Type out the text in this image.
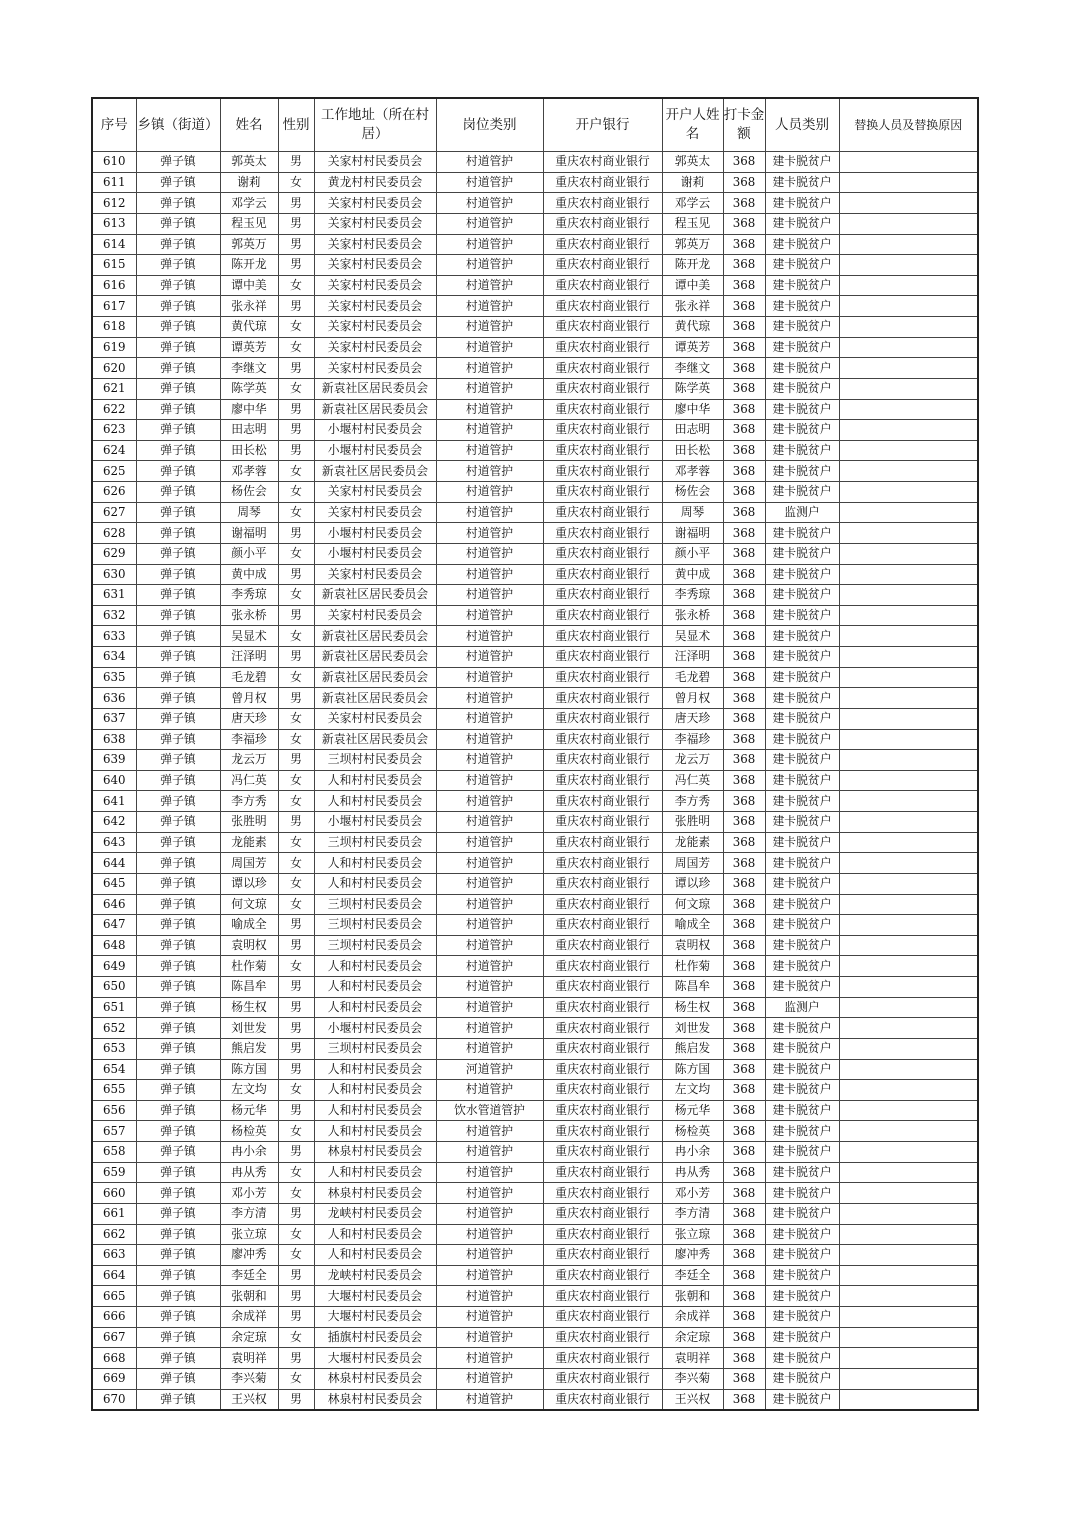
序号	乡镇（街道）	姓名	性别	工作地址（所在村居）	岗位类别	开户银行	开户人姓名	打卡金额	人员类别	替换人员及替换原因
610	弹子镇	郭英太	男	关家村村民委员会	村道管护	重庆农村商业银行	郭英太	368	建卡脱贫户	
611	弹子镇	谢莉	女	黄龙村村民委员会	村道管护	重庆农村商业银行	谢莉	368	建卡脱贫户	
612	弹子镇	邓学云	男	关家村村民委员会	村道管护	重庆农村商业银行	邓学云	368	建卡脱贫户	
613	弹子镇	程玉见	男	关家村村民委员会	村道管护	重庆农村商业银行	程玉见	368	建卡脱贫户	
614	弹子镇	郭英万	男	关家村村民委员会	村道管护	重庆农村商业银行	郭英万	368	建卡脱贫户	
615	弹子镇	陈开龙	男	关家村村民委员会	村道管护	重庆农村商业银行	陈开龙	368	建卡脱贫户	
616	弹子镇	谭中美	女	关家村村民委员会	村道管护	重庆农村商业银行	谭中美	368	建卡脱贫户	
617	弹子镇	张永祥	男	关家村村民委员会	村道管护	重庆农村商业银行	张永祥	368	建卡脱贫户	
618	弹子镇	黄代琼	女	关家村村民委员会	村道管护	重庆农村商业银行	黄代琼	368	建卡脱贫户	
619	弹子镇	谭英芳	女	关家村村民委员会	村道管护	重庆农村商业银行	谭英芳	368	建卡脱贫户	
620	弹子镇	李继文	男	关家村村民委员会	村道管护	重庆农村商业银行	李继文	368	建卡脱贫户	
621	弹子镇	陈学英	女	新袁社区居民委员会	村道管护	重庆农村商业银行	陈学英	368	建卡脱贫户	
622	弹子镇	廖中华	男	新袁社区居民委员会	村道管护	重庆农村商业银行	廖中华	368	建卡脱贫户	
623	弹子镇	田志明	男	小堰村村民委员会	村道管护	重庆农村商业银行	田志明	368	建卡脱贫户	
624	弹子镇	田长松	男	小堰村村民委员会	村道管护	重庆农村商业银行	田长松	368	建卡脱贫户	
625	弹子镇	邓孝蓉	女	新袁社区居民委员会	村道管护	重庆农村商业银行	邓孝蓉	368	建卡脱贫户	
626	弹子镇	杨佐会	女	关家村村民委员会	村道管护	重庆农村商业银行	杨佐会	368	建卡脱贫户	
627	弹子镇	周琴	女	关家村村民委员会	村道管护	重庆农村商业银行	周琴	368	监测户	
628	弹子镇	谢福明	男	小堰村村民委员会	村道管护	重庆农村商业银行	谢福明	368	建卡脱贫户	
629	弹子镇	颜小平	女	小堰村村民委员会	村道管护	重庆农村商业银行	颜小平	368	建卡脱贫户	
630	弹子镇	黄中成	男	关家村村民委员会	村道管护	重庆农村商业银行	黄中成	368	建卡脱贫户	
631	弹子镇	李秀琼	女	新袁社区居民委员会	村道管护	重庆农村商业银行	李秀琼	368	建卡脱贫户	
632	弹子镇	张永桥	男	关家村村民委员会	村道管护	重庆农村商业银行	张永桥	368	建卡脱贫户	
633	弹子镇	吴显术	女	新袁社区居民委员会	村道管护	重庆农村商业银行	吴显术	368	建卡脱贫户	
634	弹子镇	汪泽明	男	新袁社区居民委员会	村道管护	重庆农村商业银行	汪泽明	368	建卡脱贫户	
635	弹子镇	毛龙碧	女	新袁社区居民委员会	村道管护	重庆农村商业银行	毛龙碧	368	建卡脱贫户	
636	弹子镇	曾月权	男	新袁社区居民委员会	村道管护	重庆农村商业银行	曾月权	368	建卡脱贫户	
637	弹子镇	唐天珍	女	关家村村民委员会	村道管护	重庆农村商业银行	唐天珍	368	建卡脱贫户	
638	弹子镇	李福珍	女	新袁社区居民委员会	村道管护	重庆农村商业银行	李福珍	368	建卡脱贫户	
639	弹子镇	龙云万	男	三坝村村民委员会	村道管护	重庆农村商业银行	龙云万	368	建卡脱贫户	
640	弹子镇	冯仁英	女	人和村村民委员会	村道管护	重庆农村商业银行	冯仁英	368	建卡脱贫户	
641	弹子镇	李方秀	女	人和村村民委员会	村道管护	重庆农村商业银行	李方秀	368	建卡脱贫户	
642	弹子镇	张胜明	男	小堰村村民委员会	村道管护	重庆农村商业银行	张胜明	368	建卡脱贫户	
643	弹子镇	龙能素	女	三坝村村民委员会	村道管护	重庆农村商业银行	龙能素	368	建卡脱贫户	
644	弹子镇	周国芳	女	人和村村民委员会	村道管护	重庆农村商业银行	周国芳	368	建卡脱贫户	
645	弹子镇	谭以珍	女	人和村村民委员会	村道管护	重庆农村商业银行	谭以珍	368	建卡脱贫户	
646	弹子镇	何文琼	女	三坝村村民委员会	村道管护	重庆农村商业银行	何文琼	368	建卡脱贫户	
647	弹子镇	喻成全	男	三坝村村民委员会	村道管护	重庆农村商业银行	喻成全	368	建卡脱贫户	
648	弹子镇	袁明权	男	三坝村村民委员会	村道管护	重庆农村商业银行	袁明权	368	建卡脱贫户	
649	弹子镇	杜作菊	女	人和村村民委员会	村道管护	重庆农村商业银行	杜作菊	368	建卡脱贫户	
650	弹子镇	陈昌牟	男	人和村村民委员会	村道管护	重庆农村商业银行	陈昌牟	368	建卡脱贫户	
651	弹子镇	杨生权	男	人和村村民委员会	村道管护	重庆农村商业银行	杨生权	368	监测户	
652	弹子镇	刘世发	男	小堰村村民委员会	村道管护	重庆农村商业银行	刘世发	368	建卡脱贫户	
653	弹子镇	熊启发	男	三坝村村民委员会	村道管护	重庆农村商业银行	熊启发	368	建卡脱贫户	
654	弹子镇	陈方国	男	人和村村民委员会	河道管护	重庆农村商业银行	陈方国	368	建卡脱贫户	
655	弹子镇	左文均	女	人和村村民委员会	村道管护	重庆农村商业银行	左文均	368	建卡脱贫户	
656	弹子镇	杨元华	男	人和村村民委员会	饮水管道管护	重庆农村商业银行	杨元华	368	建卡脱贫户	
657	弹子镇	杨检英	女	人和村村民委员会	村道管护	重庆农村商业银行	杨检英	368	建卡脱贫户	
658	弹子镇	冉小余	男	林泉村村民委员会	村道管护	重庆农村商业银行	冉小余	368	建卡脱贫户	
659	弹子镇	冉从秀	女	人和村村民委员会	村道管护	重庆农村商业银行	冉从秀	368	建卡脱贫户	
660	弹子镇	邓小芳	女	林泉村村民委员会	村道管护	重庆农村商业银行	邓小芳	368	建卡脱贫户	
661	弹子镇	李方清	男	龙峡村村民委员会	村道管护	重庆农村商业银行	李方清	368	建卡脱贫户	
662	弹子镇	张立琼	女	人和村村民委员会	村道管护	重庆农村商业银行	张立琼	368	建卡脱贫户	
663	弹子镇	廖冲秀	女	人和村村民委员会	村道管护	重庆农村商业银行	廖冲秀	368	建卡脱贫户	
664	弹子镇	李廷全	男	龙峡村村民委员会	村道管护	重庆农村商业银行	李廷全	368	建卡脱贫户	
665	弹子镇	张朝和	男	大堰村村民委员会	村道管护	重庆农村商业银行	张朝和	368	建卡脱贫户	
666	弹子镇	余成祥	男	大堰村村民委员会	村道管护	重庆农村商业银行	余成祥	368	建卡脱贫户	
667	弹子镇	余定琼	女	插旗村村民委员会	村道管护	重庆农村商业银行	余定琼	368	建卡脱贫户	
668	弹子镇	袁明祥	男	大堰村村民委员会	村道管护	重庆农村商业银行	袁明祥	368	建卡脱贫户	
669	弹子镇	李兴菊	女	林泉村村民委员会	村道管护	重庆农村商业银行	李兴菊	368	建卡脱贫户	
670	弹子镇	王兴权	男	林泉村村民委员会	村道管护	重庆农村商业银行	王兴权	368	建卡脱贫户	
